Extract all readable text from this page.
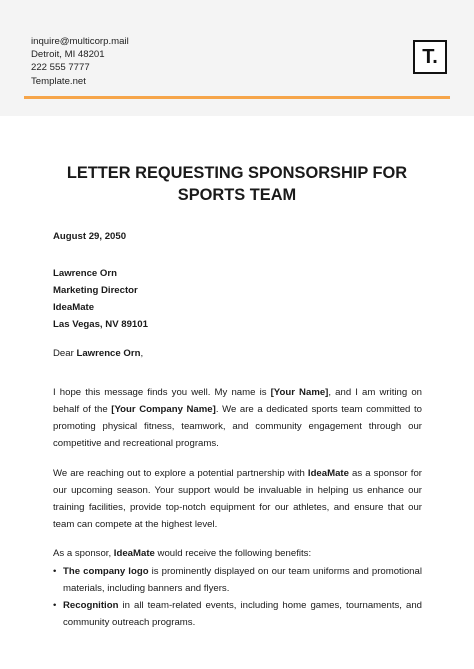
inquire@multicorp.mail
Detroit, MI 48201
222 555 7777
Template.net
T.
LETTER REQUESTING SPONSORSHIP FOR SPORTS TEAM
August 29, 2050
Lawrence Orn
Marketing Director
IdeaMate
Las Vegas, NV 89101
Dear Lawrence Orn,
I hope this message finds you well. My name is [Your Name], and I am writing on behalf of the [Your Company Name]. We are a dedicated sports team committed to promoting physical fitness, teamwork, and community engagement through our competitive and recreational programs.
We are reaching out to explore a potential partnership with IdeaMate as a sponsor for our upcoming season. Your support would be invaluable in helping us enhance our training facilities, provide top-notch equipment for our athletes, and ensure that our team can compete at the highest level.
As a sponsor, IdeaMate would receive the following benefits:
• The company logo is prominently displayed on our team uniforms and promotional materials, including banners and flyers.
• Recognition in all team-related events, including home games, tournaments, and community outreach programs.
